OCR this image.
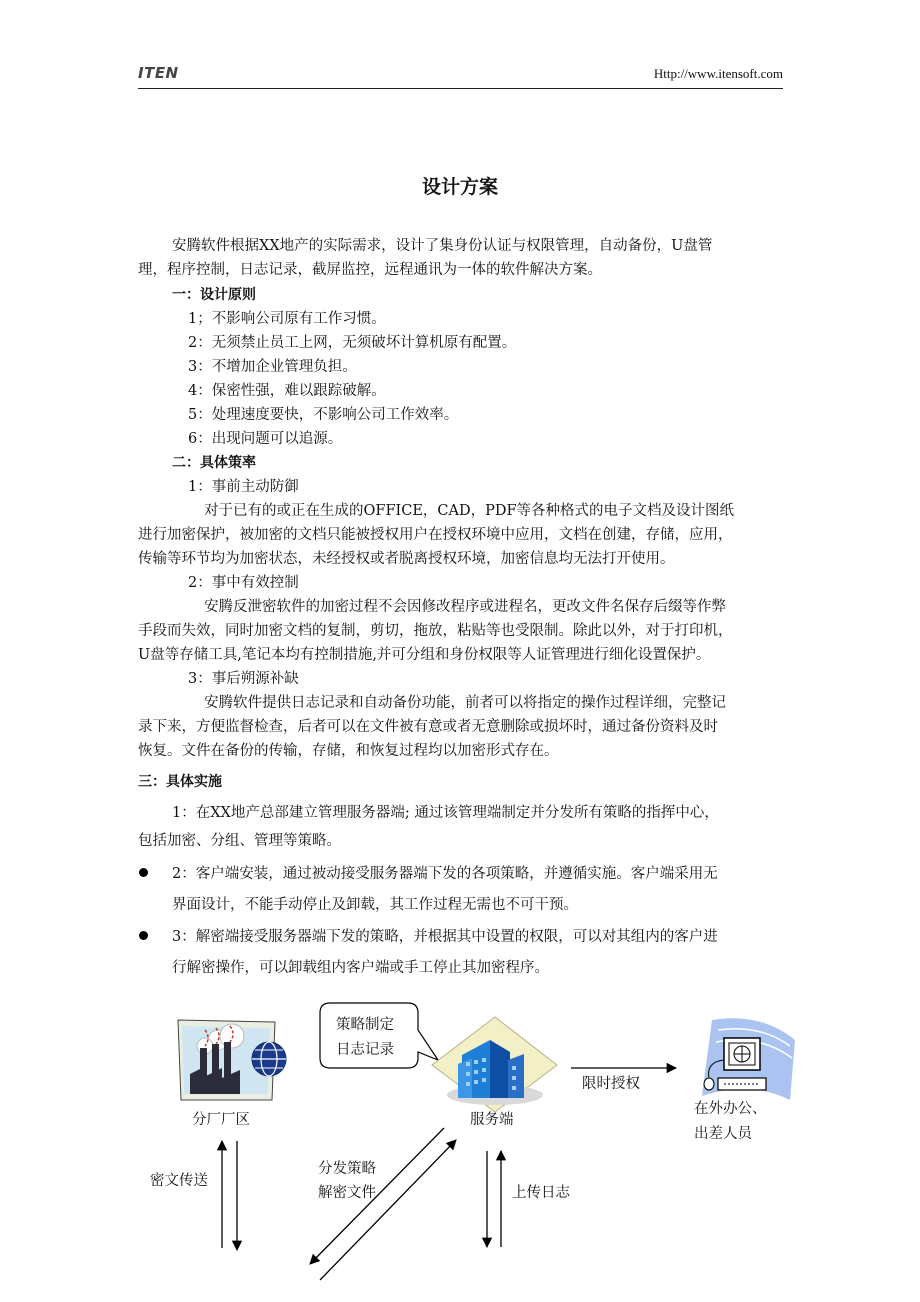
ITEN	Http://www.itensoft.com
设计方案
安腾软件根据XX地产的实际需求，设计了集身份认证与权限管理，自动备份，U盘管
理，程序控制，日志记录，截屏监控，远程通讯为一体的软件解决方案。
一：设计原则
1；不影响公司原有工作习惯。
2：无须禁止员工上网，无须破坏计算机原有配置。
3：不增加企业管理负担。
4：保密性强，难以跟踪破解。
5：处理速度要快，不影响公司工作效率。
6：出现问题可以追源。
二：具体策率
1：事前主动防御
对于已有的或正在生成的OFFICE，CAD，PDF等各种格式的电子文档及设计图纸
进行加密保护，被加密的文档只能被授权用户在授权环境中应用，文档在创建，存储，应用，
传输等环节均为加密状态，未经授权或者脱离授权环境，加密信息均无法打开使用。
2：事中有效控制
安腾反泄密软件的加密过程不会因修改程序或进程名，更改文件名保存后缀等作弊
手段而失效，同时加密文档的复制，剪切，拖放，粘贴等也受限制。除此以外，对于打印机，
U盘等存储工具,笔记本均有控制措施,并可分组和身份权限等人证管理进行细化设置保护。
3：事后朔源补缺
安腾软件提供日志记录和自动备份功能，前者可以将指定的操作过程详细，完整记
录下来，方便监督检查，后者可以在文件被有意或者无意删除或损坏时，通过备份资料及时
恢复。文件在备份的传输，存储，和恢复过程均以加密形式存在。
三：具体实施
1：在XX地产总部建立管理服务器端; 通过该管理端制定并分发所有策略的指挥中心，
包括加密、分组、管理等策略。
2：客户端安装，通过被动接受服务器端下发的各项策略，并遵循实施。客户端采用无
界面设计，不能手动停止及卸载，其工作过程无需也不可干预。
3：解密端接受服务器端下发的策略，并根据其中设置的权限，可以对其组内的客户进
行解密操作，可以卸载组内客户端或手工停止其加密程序。
策略制定
日志记录
分厂厂区	服务端
限时授权
在外办公、
出差人员
密文传送
分发策略
解密文件	上传日志
